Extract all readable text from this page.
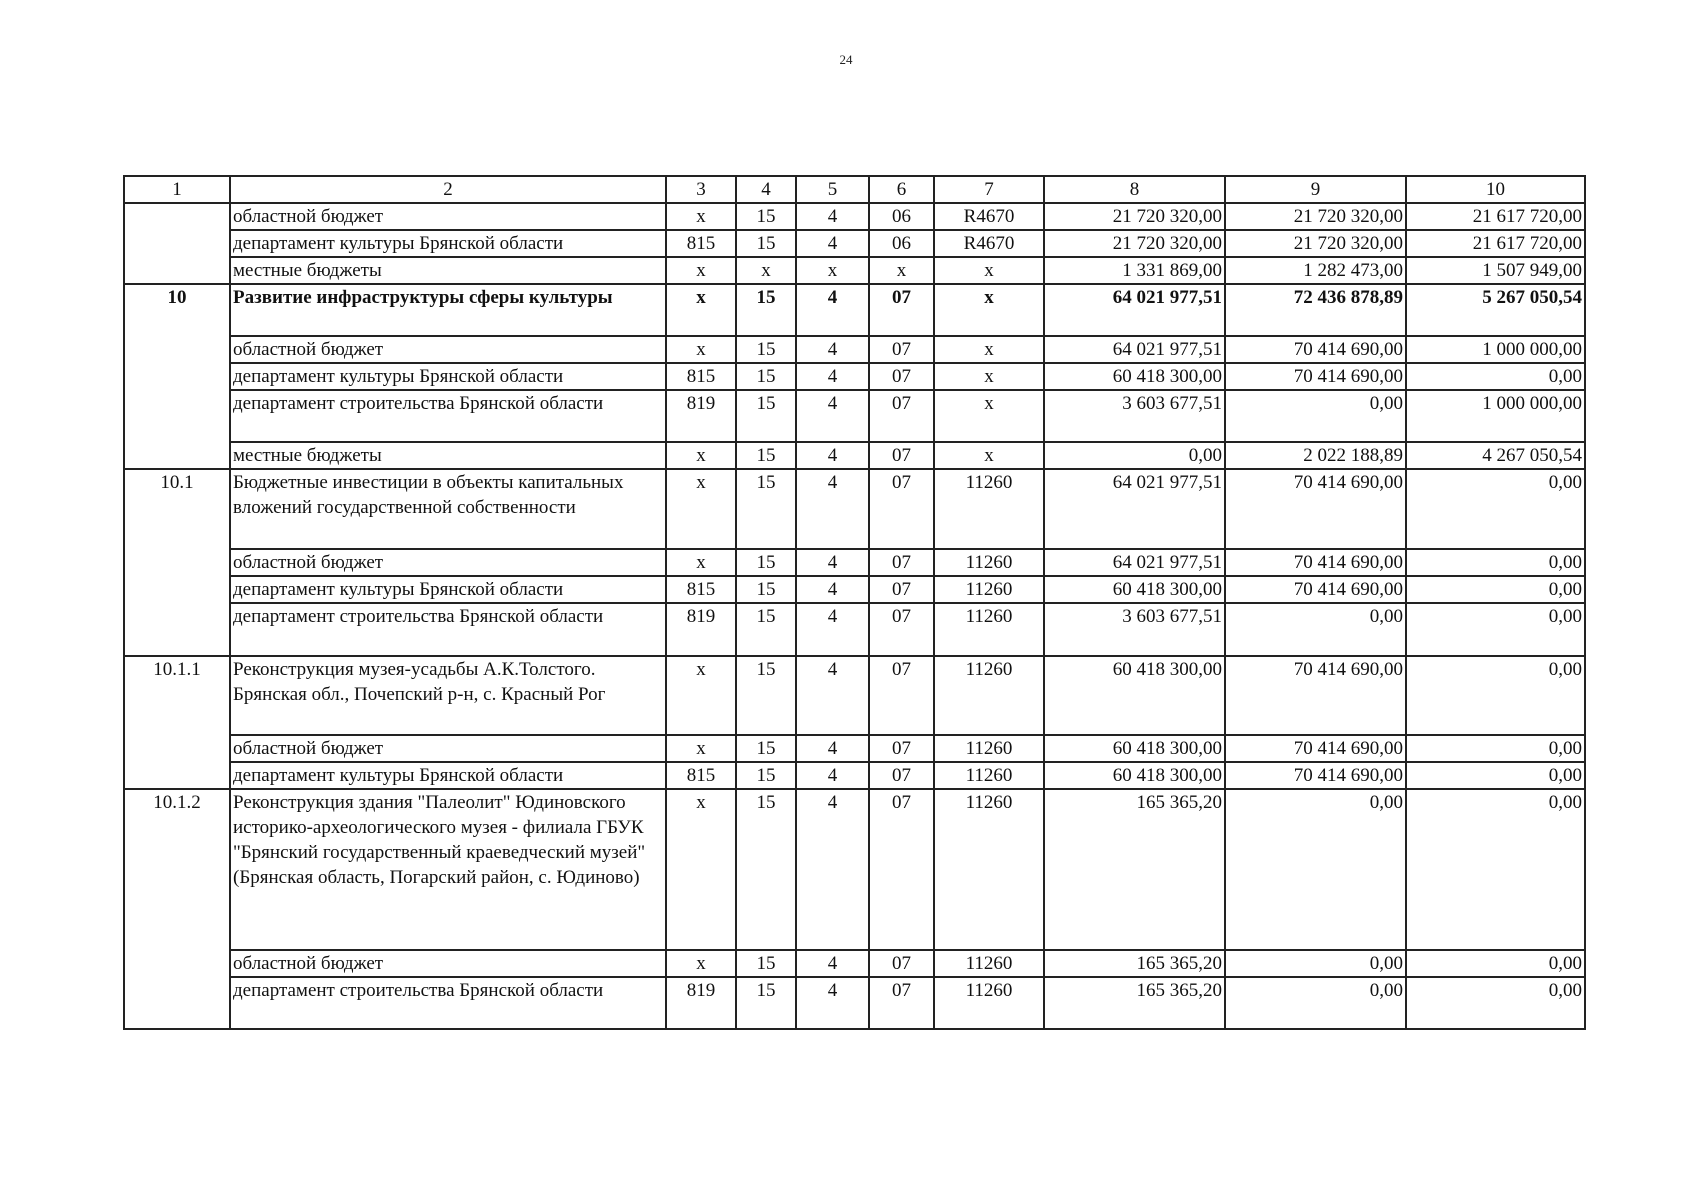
24
1	2	3	4	5	6	7	8	9	10
	областной бюджет	x	15	4	06	R4670	21 720 320,00	21 720 320,00	21 617 720,00
	департамент культуры Брянской области	815	15	4	06	R4670	21 720 320,00	21 720 320,00	21 617 720,00
	местные бюджеты	x	x	x	x	x	1 331 869,00	1 282 473,00	1 507 949,00
10	Развитие инфраструктуры сферы культуры	x	15	4	07	x	64 021 977,51	72 436 878,89	5 267 050,54
	областной бюджет	x	15	4	07	x	64 021 977,51	70 414 690,00	1 000 000,00
	департамент культуры Брянской области	815	15	4	07	x	60 418 300,00	70 414 690,00	0,00
	департамент строительства Брянской области	819	15	4	07	x	3 603 677,51	0,00	1 000 000,00
	местные бюджеты	x	15	4	07	x	0,00	2 022 188,89	4 267 050,54
10.1	Бюджетные инвестиции в объекты капитальных вложений государственной собственности	x	15	4	07	11260	64 021 977,51	70 414 690,00	0,00
	областной бюджет	x	15	4	07	11260	64 021 977,51	70 414 690,00	0,00
	департамент культуры Брянской области	815	15	4	07	11260	60 418 300,00	70 414 690,00	0,00
	департамент строительства Брянской области	819	15	4	07	11260	3 603 677,51	0,00	0,00
10.1.1	Реконструкция музея-усадьбы А.К.Толстого. Брянская обл., Почепский р-н, с. Красный Рог	x	15	4	07	11260	60 418 300,00	70 414 690,00	0,00
	областной бюджет	x	15	4	07	11260	60 418 300,00	70 414 690,00	0,00
	департамент культуры Брянской области	815	15	4	07	11260	60 418 300,00	70 414 690,00	0,00
10.1.2	Реконструкция здания "Палеолит" Юдиновского историко-археологического музея - филиала ГБУК "Брянский государственный краеведческий музей" (Брянская область, Погарский район, с. Юдиново)	x	15	4	07	11260	165 365,20	0,00	0,00
	областной бюджет	x	15	4	07	11260	165 365,20	0,00	0,00
	департамент строительства Брянской области	819	15	4	07	11260	165 365,20	0,00	0,00
